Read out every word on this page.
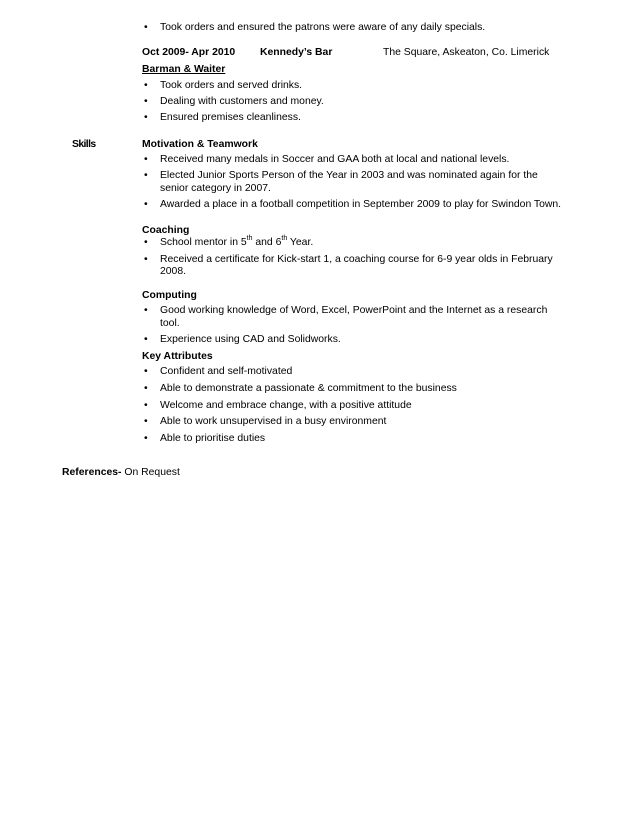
• Took orders and ensured the patrons were aware of any daily specials.
Oct 2009- Apr 2010 Kennedy’s Bar	The Square, Askeaton, Co. Limerick
Barman & Waiter
• Took orders and served drinks.
• Dealing with customers and money.
• Ensured premises cleanliness.
Skills	Motivation & Teamwork
• Received many medals in Soccer and GAA both at local and national levels.
• Elected Junior Sports Person of the Year in 2003 and was nominated again for the senior category in 2007.
• Awarded a place in a football competition in September 2009 to play for Swindon Town.
Coaching
• School mentor in 5th and 6th Year.
• Received a certificate for Kick-start 1, a coaching course for 6-9 year olds in February 2008.
Computing
• Good working knowledge of Word, Excel, PowerPoint and the Internet as a research tool.
• Experience using CAD and Solidworks.
Key Attributes
• Confident and self-motivated
• Able to demonstrate a passionate & commitment to the business
• Welcome and embrace change, with a positive attitude
• Able to work unsupervised in a busy environment
• Able to prioritise duties
References- On Request
